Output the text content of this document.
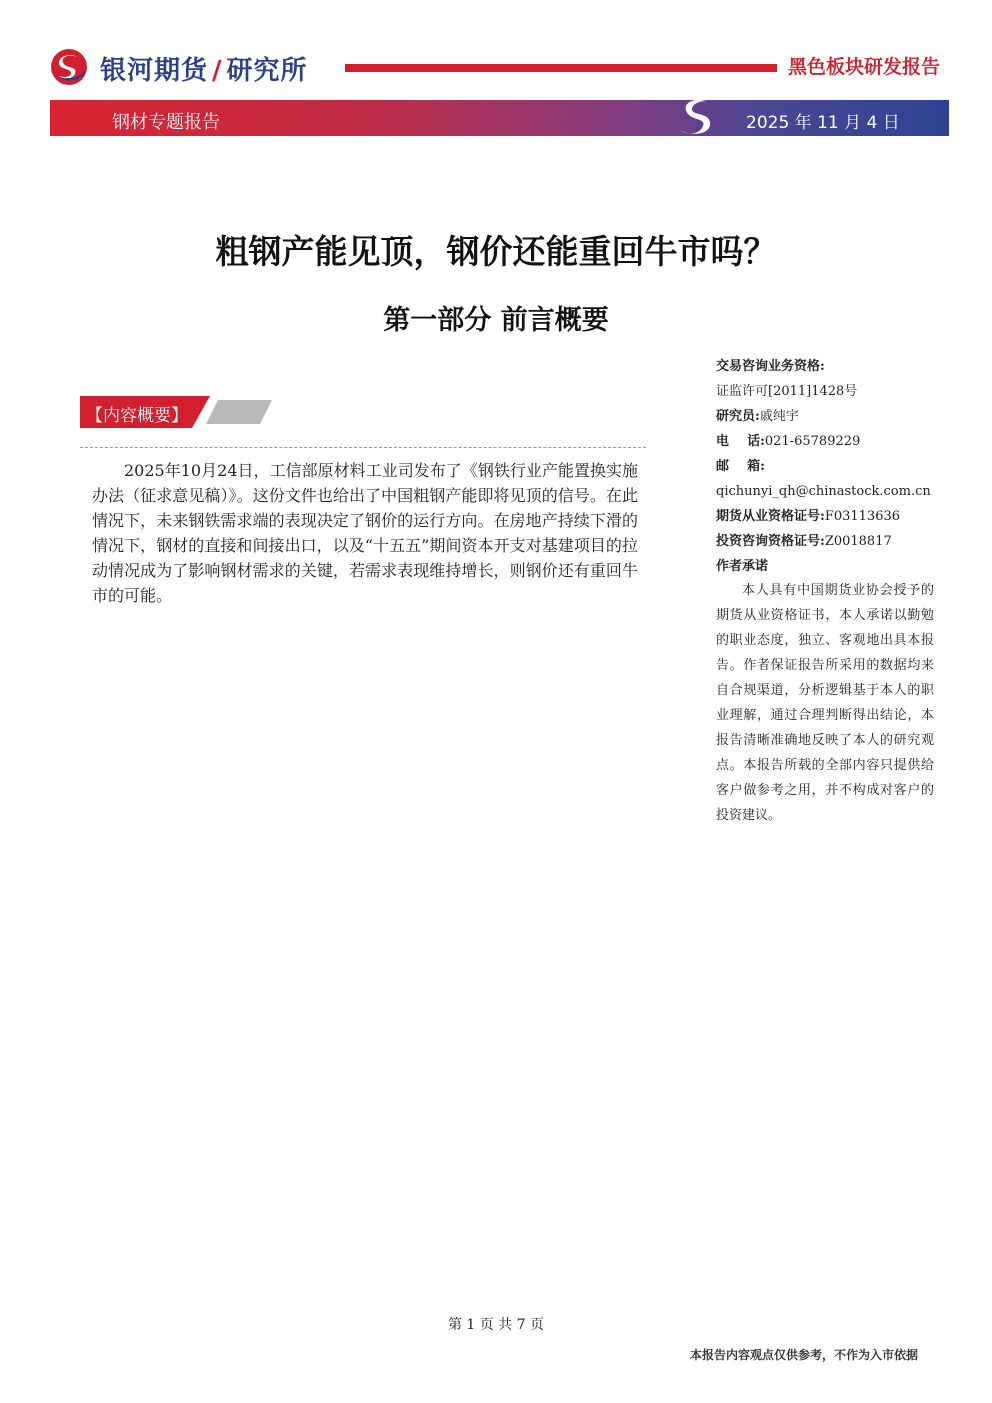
银河期货 / 研究所	黑色板块研发报告
钢材专题报告	2025 年 11 月 4 日
粗钢产能见顶，钢价还能重回牛市吗？
第一部分 前言概要
【内容概要】
2025年10月24日，工信部原材料工业司发布了《钢铁行业产能置换实施办法（征求意见稿）》。这份文件也给出了中国粗钢产能即将见顶的信号。在此情况下，未来钢铁需求端的表现决定了钢价的运行方向。在房地产持续下滑的情况下，钢材的直接和间接出口，以及“十五五”期间资本开支对基建项目的拉动情况成为了影响钢材需求的关键，若需求表现维持增长，则钢价还有重回牛市的可能。
交易咨询业务资格:
证监许可[2011]1428号
研究员:戚纯宇
电    话:021-65789229
邮    箱:
qichunyi_qh@chinastock.com.cn
期货从业资格证号:F03113636
投资咨询资格证号:Z0018817
作者承诺
本人具有中国期货业协会授予的期货从业资格证书，本人承诺以勤勉的职业态度，独立、客观地出具本报告。作者保证报告所采用的数据均来自合规渠道，分析逻辑基于本人的职业理解，通过合理判断得出结论，本报告清晰准确地反映了本人的研究观点。本报告所载的全部内容只提供给客户做参考之用，并不构成对客户的投资建议。
第 1 页 共 7 页
本报告内容观点仅供参考，不作为入市依据
